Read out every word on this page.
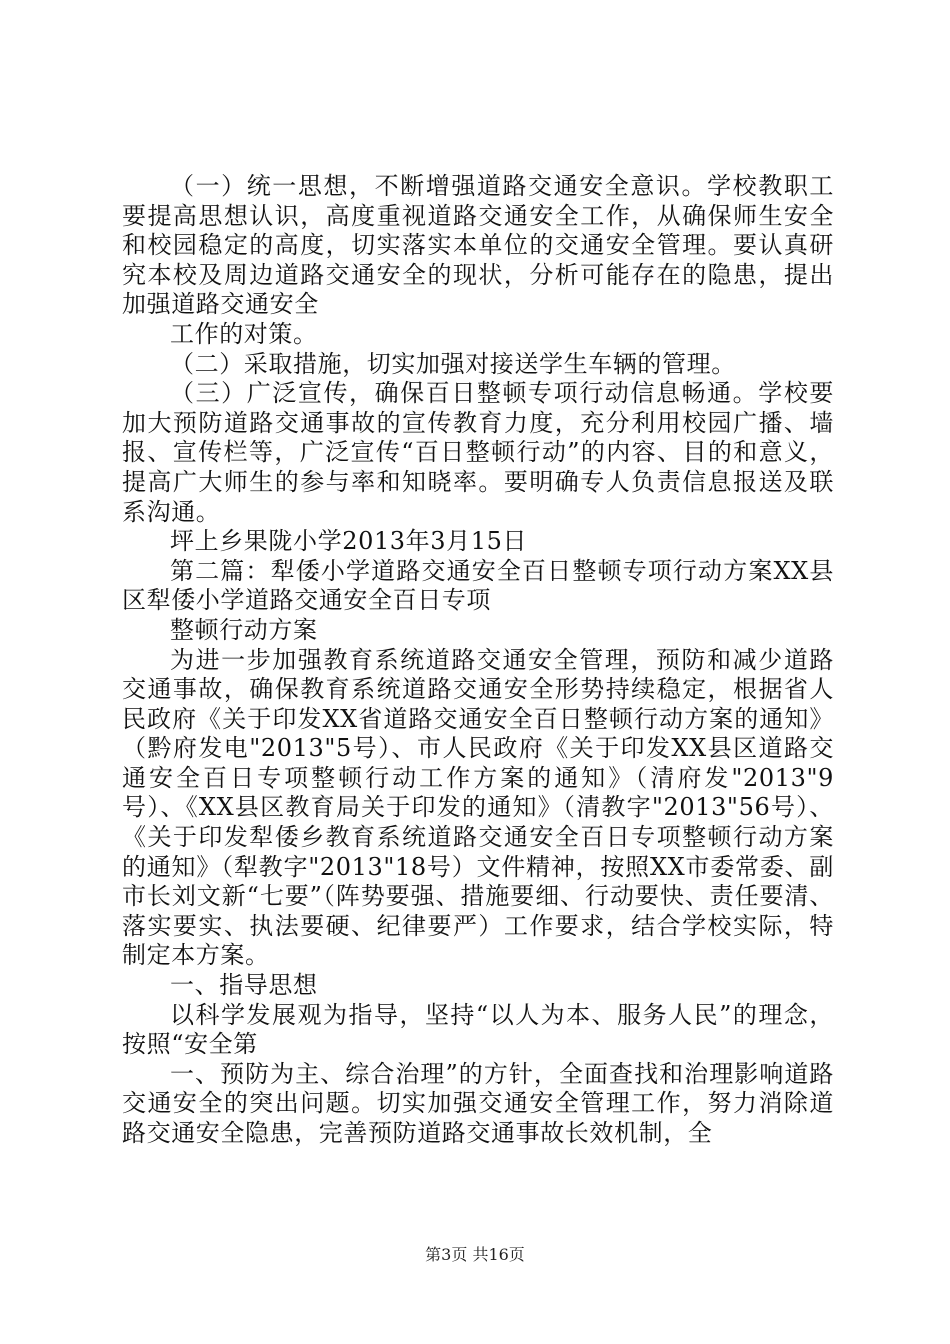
（一）统一思想，不断增强道路交通安全意识。学校教职工要提高思想认识，高度重视道路交通安全工作，从确保师生安全和校园稳定的高度，切实落实本单位的交通安全管理。要认真研究本校及周边道路交通安全的现状，分析可能存在的隐患，提出加强道路交通安全

工作的对策。

（二）采取措施，切实加强对接送学生车辆的管理。

（三）广泛宣传，确保百日整顿专项行动信息畅通。学校要加大预防道路交通事故的宣传教育力度，充分利用校园广播、墙报、宣传栏等，广泛宣传“百日整顿行动”的内容、目的和意义，提高广大师生的参与率和知晓率。要明确专人负责信息报送及联系沟通。

坪上乡果陇小学2013年3月15日

第二篇：犁倭小学道路交通安全百日整顿专项行动方案XX县区犁倭小学道路交通安全百日专项

整顿行动方案

为进一步加强教育系统道路交通安全管理，预防和减少道路交通事故，确保教育系统道路交通安全形势持续稳定，根据省人民政府《关于印发XX省道路交通安全百日整顿行动方案的通知》（黔府发电"2013"5号）、市人民政府《关于印发XX县区道路交通安全百日专项整顿行动工作方案的通知》（清府发"2013"9号）、《XX县区教育局关于印发的通知》（清教字"2013"56号）、《关于印发犁倭乡教育系统道路交通安全百日专项整顿行动方案的通知》（犁教字"2013"18号）文件精神，按照XX市委常委、副市长刘文新“七要”（阵势要强、措施要细、行动要快、责任要清、落实要实、执法要硬、纪律要严）工作要求，结合学校实际，特制定本方案。

一、指导思想

以科学发展观为指导，坚持“以人为本、服务人民”的理念，按照“安全第

一、预防为主、综合治理”的方针，全面查找和治理影响道路交通安全的突出问题。切实加强交通安全管理工作，努力消除道路交通安全隐患，完善预防道路交通事故长效机制，全

第3页 共16页
